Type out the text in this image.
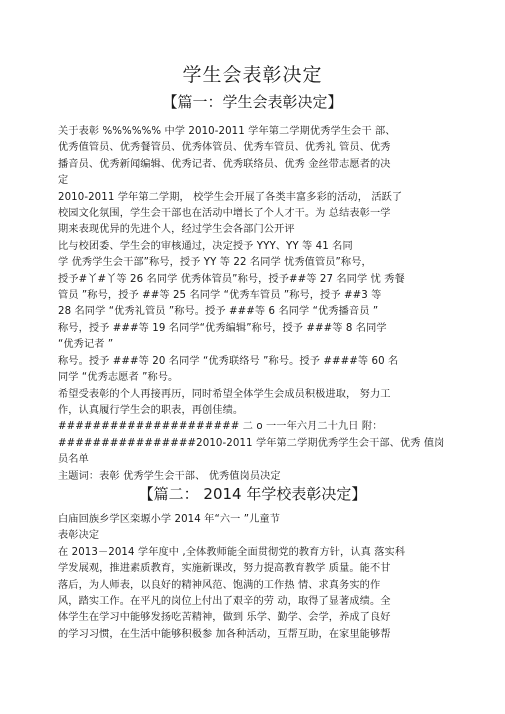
学生会表彰决定
【篇一：学生会表彰决定】

关于表彰 %%%%%% 中学 2010-2011 学年第二学期优秀学生会干 部、

优秀值管员、优秀餐管员、优秀体管员、优秀车管员、优秀礼 管员、优秀

播音员、优秀新闻编辑、优秀记者、优秀联络员、优秀 金丝带志愿者的决

定

2010-2011 学年第二学期， 校学生会开展了各类丰富多彩的活动， 活跃了

校园文化氛围，学生会干部也在活动中增长了个人才干。为 总结表彰一学

期来表现优异的先进个人，经过学生会各部门公开评

比与校团委、学生会的审核通过，决定授予 YYY、YY 等 41 名同

学 优秀学生会干部”称号，授予 YY 等 22 名同学 忧秀值管员”称号，

授予#丫#丫等 26 名同学 优秀体管员”称号，授予##等 27 名同学 忧 秀餐

管员 ”称号，授予 ##等 25 名同学 “优秀车管员 ”称号，授予 ##3 等

28 名同学 “优秀礼管员 ”称号。授予 ###等 6 名同学 “优秀播音员 ”

称号，授予 ###等 19 名同学“优秀编辑”称号，授予 ###等 8 名同学

“优秀记者 ”

称号。授予 ###等 20 名同学 “优秀联络号 ”称号。授予 ####等 60 名

同学 “优秀志愿者 ”称号。

希望受表彰的个人再接再历，同时希望全体学生会成员积极进取， 努力工

作，认真履行学生会的职表，再创佳绩。

##################### 二 o 一一年六月二十九日 附：

################2010-2011 学年第二学期优秀学生会干部、优秀 值岗

员名单

主题词：表彰 优秀学生会干部、 优秀值岗员决定

【篇二： 2014 年学校表彰决定】

白庙回族乡学区栾塬小学 2014 年“六一 ”儿童节

表彰决定

在 2013－2014 学年度中 ,全体教师能全面贯彻党的教育方针，认真 落实科

学发展观，推进素质教育，实施新课改，努力提高教育教学 质量。能不甘

落后，为人师表，以良好的精神风范、饱满的工作热 情、求真务实的作

风，踏实工作。在平凡的岗位上付出了艰辛的劳 动，取得了显著成绩。全

体学生在学习中能够发扬吃苦精神，做到 乐学、勤学、会学，养成了良好

的学习习惯，在生活中能够积极参 加各种活动，互帮互助，在家里能够帮
